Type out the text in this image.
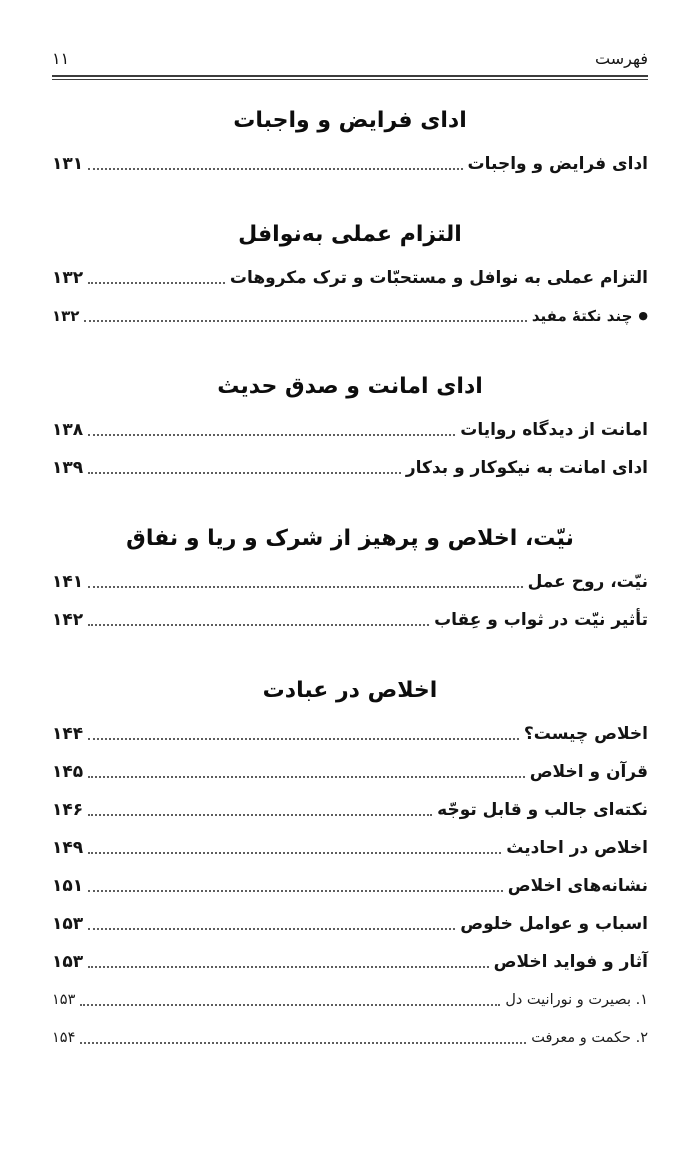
۱۱	فهرست
ادای فرایض و واجبات
ادای فرایض و واجبات
۱۳۱
التزام عملی به‌نوافل
التزام عملی به نوافل و مستحبّات و ترک مکروهات
۱۳۲
●
چند نکتهٔ مفید
۱۳۲
ادای امانت و صدق حدیث
امانت از دیدگاه روایات
۱۳۸
ادای امانت به نیکوکار و بدکار
۱۳۹
نیّت، اخلاص و پرهیز از شرک و ریا و نفاق
نیّت، روح عمل
۱۴۱
تأثیر نیّت در ثواب و عِقاب
۱۴۲
اخلاص در عبادت
اخلاص چیست؟
۱۴۴
قرآن و اخلاص
۱۴۵
نکته‌ای جالب و قابل توجّه
۱۴۶
اخلاص در احادیث
۱۴۹
نشانه‌های اخلاص
۱۵۱
اسباب و عوامل خلوص
۱۵۳
آثار و فواید اخلاص
۱۵۳
۱. بصیرت و نورانیت دل
۱۵۳
۲. حکمت و معرفت
۱۵۴
